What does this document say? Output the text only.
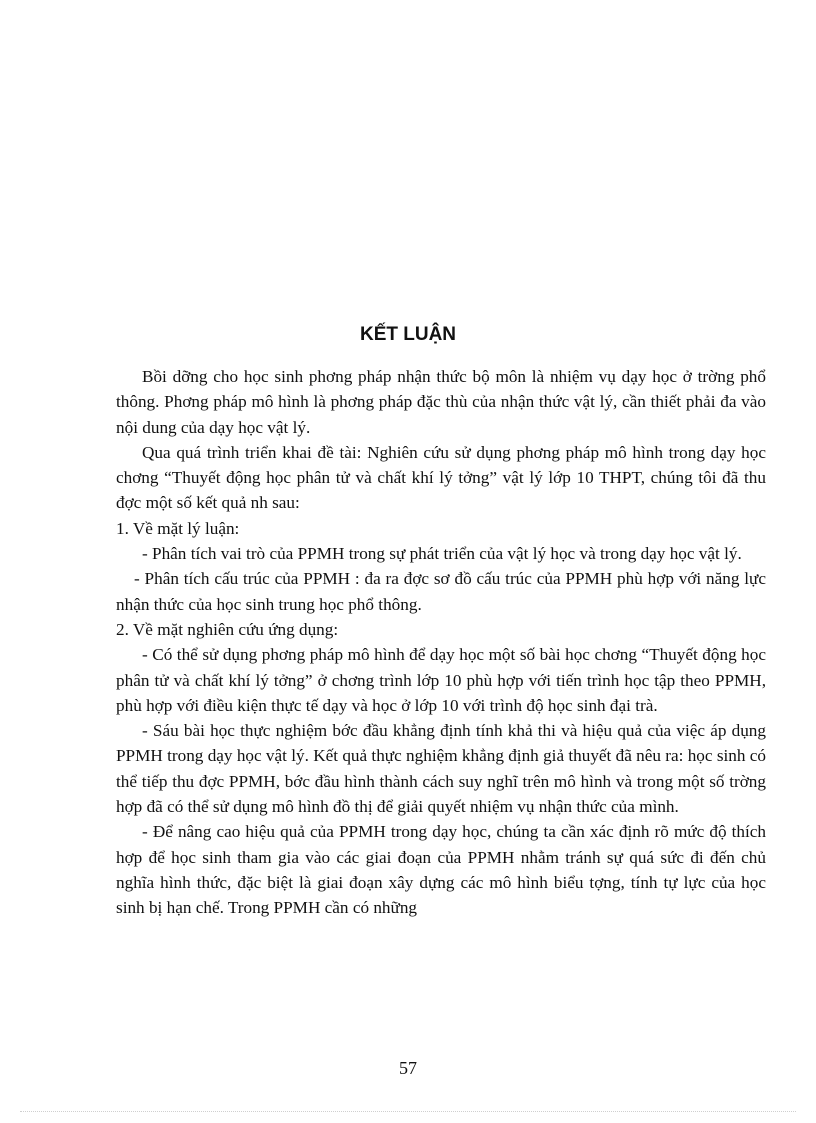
KẾT LUẬN

Bồi dỡng cho học sinh phơng pháp nhận thức bộ môn là nhiệm vụ dạy học ở trờng phổ thông. Phơng pháp mô hình là phơng pháp đặc thù của nhận thức vật lý, cần thiết phải đa vào nội dung của dạy học vật lý.

Qua quá trình triển khai đề tài: Nghiên cứu sử dụng phơng pháp mô hình trong dạy học chơng “Thuyết động học phân tử và chất khí lý tởng” vật lý lớp 10 THPT, chúng tôi đã thu đợc một số kết quả nh sau:

1. Về mặt lý luận:

- Phân tích vai trò của PPMH trong sự phát triển của vật lý học và trong dạy học vật lý.

- Phân tích cấu trúc của PPMH : đa ra đợc sơ đồ cấu trúc của PPMH phù hợp với năng lực nhận thức của học sinh trung học phổ thông.

2. Về mặt nghiên cứu ứng dụng:

- Có thể sử dụng phơng pháp mô hình để dạy học một số bài học chơng “Thuyết động học phân tử và chất khí lý tởng” ở chơng trình lớp 10 phù hợp với tiến trình học tập theo PPMH, phù hợp với điều kiện thực tế dạy và học ở lớp 10 với trình độ học sinh đại trà.

- Sáu bài học thực nghiệm bớc đầu khẳng định tính khả thi và hiệu quả của việc áp dụng PPMH trong dạy học vật lý. Kết quả thực nghiệm khẳng định giả thuyết đã nêu ra: học sinh có thể tiếp thu đợc PPMH, bớc đầu hình thành cách suy nghĩ trên mô hình và trong một số trờng hợp đã có thể sử dụng mô hình đồ thị để giải quyết nhiệm vụ nhận thức của mình.

- Để nâng cao hiệu quả của PPMH trong dạy học, chúng ta cần xác định rõ mức độ thích hợp để học sinh tham gia vào các giai đoạn của PPMH nhằm tránh sự quá sức đi đến chủ nghĩa hình thức, đặc biệt là giai đoạn xây dựng các mô hình biểu tợng, tính tự lực của học sinh bị hạn chế. Trong PPMH cần có những

57
